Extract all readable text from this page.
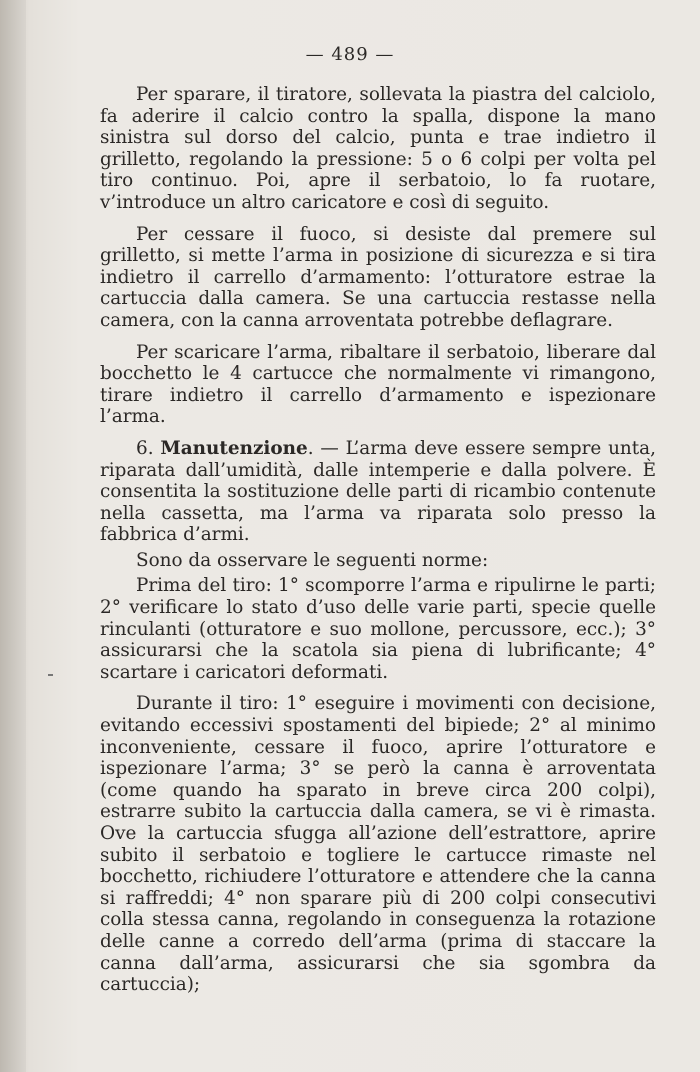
— 489 —

Per sparare, il tiratore, sollevata la piastra del calciolo, fa aderire il calcio contro la spalla, dispone la mano sinistra sul dorso del calcio, punta e trae indietro il grilletto, regolando la pressione: 5 o 6 colpi per volta pel tiro continuo. Poi, apre il serbatoio, lo fa ruotare, v’introduce un altro caricatore e così di seguito.

Per cessare il fuoco, si desiste dal premere sul grilletto, si mette l’arma in posizione di sicurezza e si tira indietro il carrello d’armamento: l’otturatore estrae la cartuccia dalla camera. Se una cartuccia restasse nella camera, con la canna arroventata potrebbe deflagrare.

Per scaricare l’arma, ribaltare il serbatoio, liberare dal bocchetto le 4 cartucce che normalmente vi rimangono, tirare indietro il carrello d’armamento e ispezionare l’arma.

6. Manutenzione. — L’arma deve essere sempre unta, riparata dall’umidità, dalle intemperie e dalla polvere. È consentita la sostituzione delle parti di ricambio contenute nella cassetta, ma l’arma va riparata solo presso la fabbrica d’armi.

Sono da osservare le seguenti norme:

Prima del tiro: 1° scomporre l’arma e ripulirne le parti; 2° verificare lo stato d’uso delle varie parti, specie quelle rinculanti (otturatore e suo mollone, percussore, ecc.); 3° assicurarsi che la scatola sia piena di lubrificante; 4° scartare i caricatori deformati.

Durante il tiro: 1° eseguire i movimenti con decisione, evitando eccessivi spostamenti del bipiede; 2° al minimo inconveniente, cessare il fuoco, aprire l’otturatore e ispezionare l’arma; 3° se però la canna è arroventata (come quando ha sparato in breve circa 200 colpi), estrarre subito la cartuccia dalla camera, se vi è rimasta. Ove la cartuccia sfugga all’azione dell’estrattore, aprire subito il serbatoio e togliere le cartucce rimaste nel bocchetto, richiudere l’otturatore e attendere che la canna si raffreddi; 4° non sparare più di 200 colpi consecutivi colla stessa canna, regolando in conseguenza la rotazione delle canne a corredo dell’arma (prima di staccare la canna dall’arma, assicurarsi che sia sgombra da cartuccia);
